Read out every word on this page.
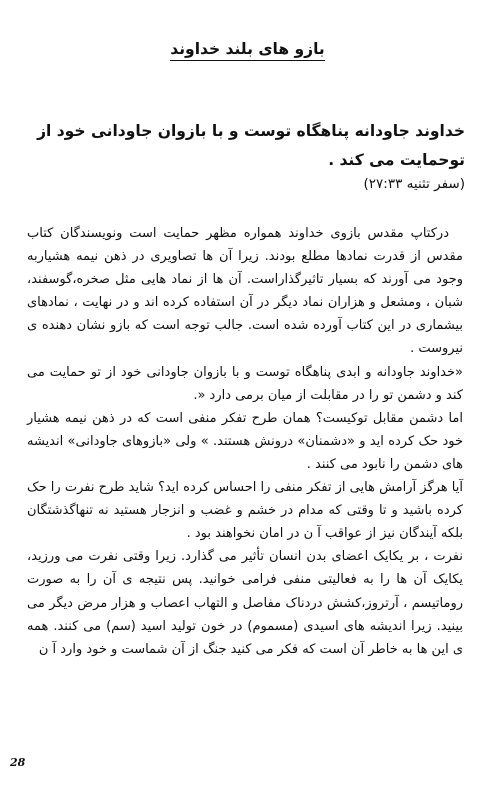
بازو های بلند خداوند
خداوند جاودانه پناهگاه توست و با بازوان جاودانی خود از توحمایت می کند .
(سفر تثنیه ۲۷:۳۳)

درکتاپ مقدس بازوی خداوند همواره مظهر حمایت است ونویسندگان کتاب مقدس از قدرت نمادها مطلع بودند. زیرا آن ها تصاویری در ذهن نیمه هشیاربه وجود می آورند که بسیار تاثیرگذاراست. آن ها از نماد هایی مثل صخره،گوسفند، شبان ، ومشعل و هزاران نماد دیگر در آن استفاده کرده اند و در نهایت ، نمادهای بیشماری در این کتاب آورده شده است. جالب توجه است که بازو نشان دهنده ی نیروست .

«خداوند جاودانه و ابدی پناهگاه توست و با بازوان جاودانی خود از تو حمایت می کند و دشمن تو را در مقابلت از میان برمی دارد «.

اما دشمن مقابل توکیست؟ همان طرح تفکر منفی است که در ذهن نیمه هشیار خود حک کرده اید و «دشمنان» درونش هستند. » ولی «بازوهای جاودانی» اندیشه های دشمن را نابود می کنند .

آیا هرگز آرامش هایی از تفکر منفی را احساس کرده اید؟ شاید طرح نفرت را حک کرده باشید و تا وقتی که مدام در خشم و غضب و انزجار هستید نه تنهاگذشتگان بلکه آیندگان نیز از عواقب آ ن در امان نخواهند بود .

نفرت ، بر یکایک اعضای بدن انسان تأثیر می گذارد. زیرا وقتی نفرت می ورزید، یکایک آن ها را به فعالیتی منفی فرامی خوانید. پس نتیجه ی آن را به صورت روماتیسم ، آرتروز،کشش دردناک مفاصل و التهاب اعصاب و هزار مرض دیگر می بینید. زیرا اندیشه های اسیدی (مسموم) در خون تولید اسید (سم) می کنند. همه ی این ها به خاطر آن است که فکر می کنید جنگ از آن شماست و خود وارد آ ن

28
